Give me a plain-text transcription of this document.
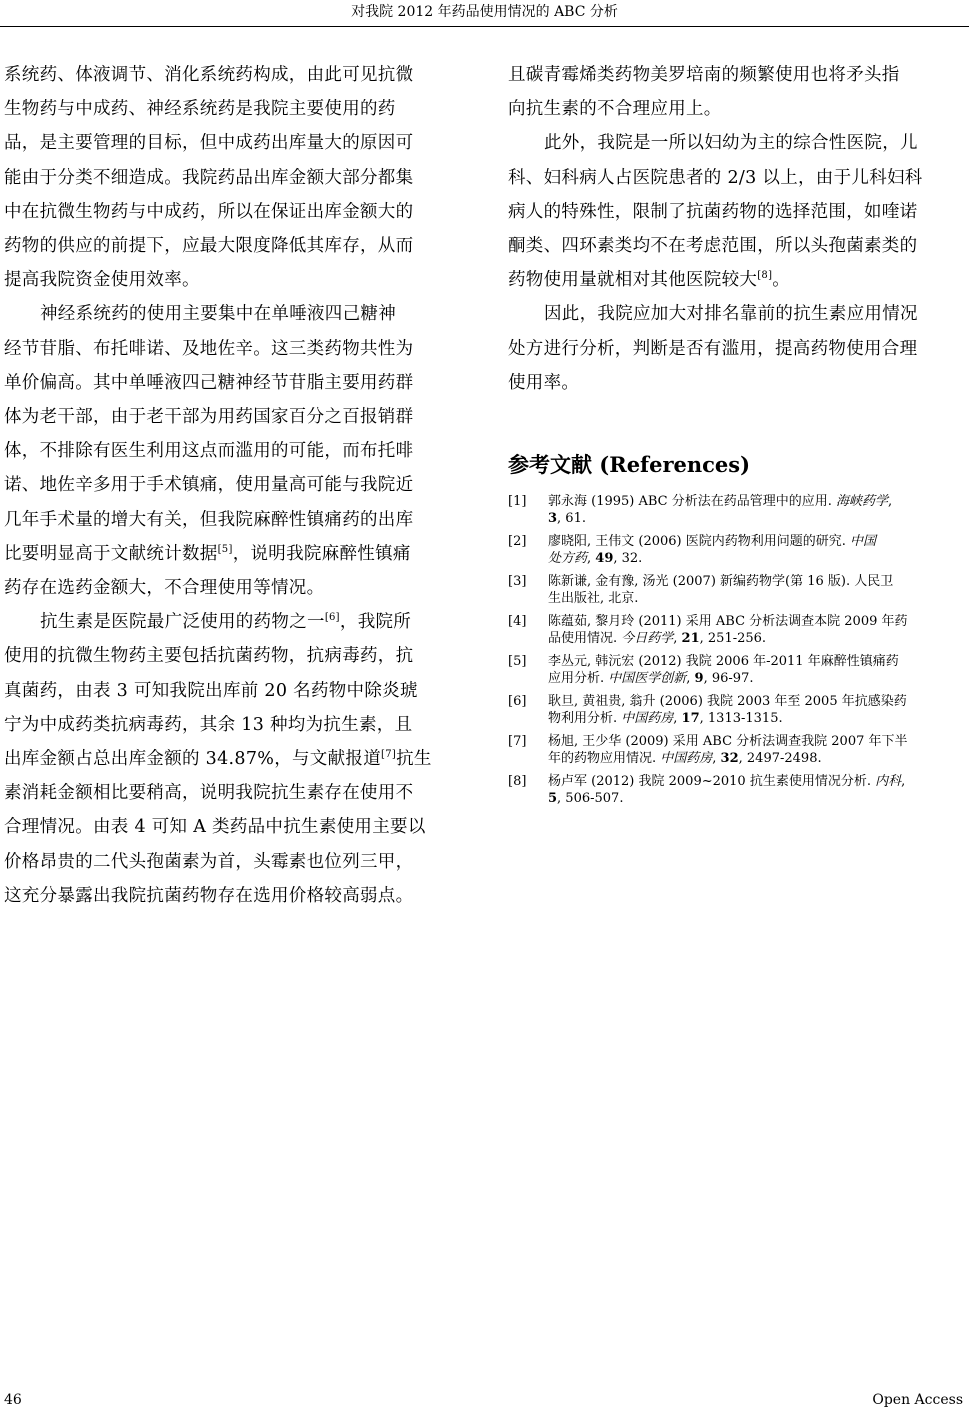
对我院 2012 年药品使用情况的 ABC 分析

系统药、体液调节、消化系统药构成，由此可见抗微
生物药与中成药、神经系统药是我院主要使用的药
品，是主要管理的目标，但中成药出库量大的原因可
能由于分类不细造成。我院药品出库金额大部分都集
中在抗微生物药与中成药，所以在保证出库金额大的
药物的供应的前提下，应最大限度降低其库存，从而
提高我院资金使用效率。

神经系统药的使用主要集中在单唾液四己糖神
经节苷脂、布托啡诺、及地佐辛。这三类药物共性为
单价偏高。其中单唾液四己糖神经节苷脂主要用药群
体为老干部，由于老干部为用药国家百分之百报销群
体，不排除有医生利用这点而滥用的可能，而布托啡
诺、地佐辛多用于手术镇痛，使用量高可能与我院近
几年手术量的增大有关，但我院麻醉性镇痛药的出库
比要明显高于文献统计数据[5]，说明我院麻醉性镇痛
药存在选药金额大，不合理使用等情况。

抗生素是医院最广泛使用的药物之一[6]，我院所
使用的抗微生物药主要包括抗菌药物，抗病毒药，抗
真菌药，由表 3 可知我院出库前 20 名药物中除炎琥
宁为中成药类抗病毒药，其余 13 种均为抗生素，且
出库金额占总出库金额的 34.87%，与文献报道[7]抗生
素消耗金额相比要稍高，说明我院抗生素存在使用不
合理情况。由表 4 可知 A 类药品中抗生素使用主要以
价格昂贵的二代头孢菌素为首，头霉素也位列三甲，
这充分暴露出我院抗菌药物存在选用价格较高弱点。

且碳青霉烯类药物美罗培南的频繁使用也将矛头指
向抗生素的不合理应用上。

此外，我院是一所以妇幼为主的综合性医院，儿
科、妇科病人占医院患者的 2/3 以上，由于儿科妇科
病人的特殊性，限制了抗菌药物的选择范围，如喹诺
酮类、四环素类均不在考虑范围，所以头孢菌素类的
药物使用量就相对其他医院较大[8]。

因此，我院应加大对排名靠前的抗生素应用情况
处方进行分析，判断是否有滥用，提高药物使用合理
使用率。

参考文献 (References)
[1]	郭永海 (1995) ABC 分析法在药品管理中的应用. 海峡药学,
3, 61.
[2]	廖晓阳, 王伟文 (2006) 医院内药物利用问题的研究. 中国
处方药, 49, 32.
[3]	陈新谦, 金有豫, 汤光 (2007) 新编药物学(第 16 版). 人民卫
生出版社, 北京.
[4]	陈蕴茹, 黎月玲 (2011) 采用 ABC 分析法调查本院 2009 年药
品使用情况. 今日药学, 21, 251-256.
[5]	李丛元, 韩沅宏 (2012) 我院 2006 年-2011 年麻醉性镇痛药
应用分析. 中国医学创新, 9, 96-97.
[6]	耿旦, 黄祖贵, 翁升 (2006) 我院 2003 年至 2005 年抗感染药
物利用分析. 中国药房, 17, 1313-1315.
[7]	杨旭, 王少华 (2009) 采用 ABC 分析法调查我院 2007 年下半
年的药物应用情况. 中国药房, 32, 2497-2498.
[8]	杨卢军 (2012) 我院 2009~2010 抗生素使用情况分析. 内科,
5, 506-507.
46	Open Access
